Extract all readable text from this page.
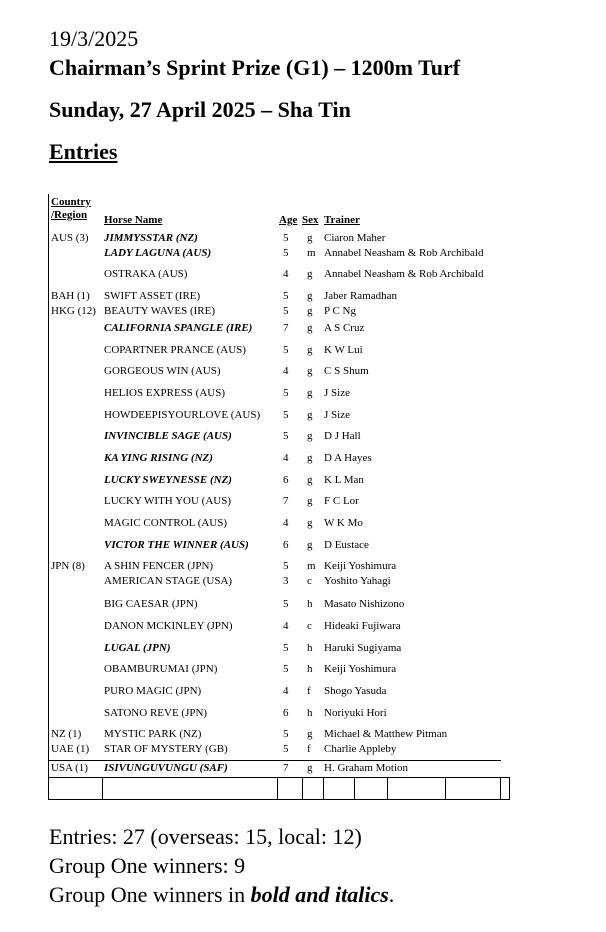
19/3/2025
Chairman’s Sprint Prize (G1) – 1200m Turf
Sunday, 27 April 2025 – Sha Tin
Entries
Country
/Region Horse Name	Age Sex Trainer
AUS (3) JIMMYSSTAR (NZ)	5 g Ciaron Maher
LADY LAGUNA (AUS)	5 m Annabel Neasham & Rob Archibald
OSTRAKA (AUS)	4 g Annabel Neasham & Rob Archibald
BAH (1) SWIFT ASSET (IRE)	5 g Jaber Ramadhan
HKG (12) BEAUTY WAVES (IRE)	5 g P C Ng
CALIFORNIA SPANGLE (IRE)	7 g A S Cruz
COPARTNER PRANCE (AUS)	5 g K W Lui
GORGEOUS WIN (AUS)	4 g C S Shum
HELIOS EXPRESS (AUS)	5 g J Size
HOWDEEPISYOURLOVE (AUS) 5 g J Size
INVINCIBLE SAGE (AUS)	5 g D J Hall
KA YING RISING (NZ)	4 g D A Hayes
LUCKY SWEYNESSE (NZ)	6 g K L Man
LUCKY WITH YOU (AUS)	7 g F C Lor
MAGIC CONTROL (AUS)	4 g W K Mo
VICTOR THE WINNER (AUS)	6 g D Eustace
JPN (8) A SHIN FENCER (JPN)	5 m Keiji Yoshimura
AMERICAN STAGE (USA)	3 c Yoshito Yahagi
BIG CAESAR (JPN)	5 h Masato Nishizono
DANON MCKINLEY (JPN)	4 c Hideaki Fujiwara
LUGAL (JPN)	5 h Haruki Sugiyama
OBAMBURUMAI (JPN)	5 h Keiji Yoshimura
PURO MAGIC (JPN)	4 f Shogo Yasuda
SATONO REVE (JPN)	6 h Noriyuki Hori
NZ (1) MYSTIC PARK (NZ)	5 g Michael & Matthew Pitman
UAE (1) STAR OF MYSTERY (GB)	5 f Charlie Appleby
USA (1) ISIVUNGUVUNGU (SAF)	7 g H. Graham Motion
Entries: 27 (overseas: 15, local: 12)
Group One winners: 9
Group One winners in bold and italics.
